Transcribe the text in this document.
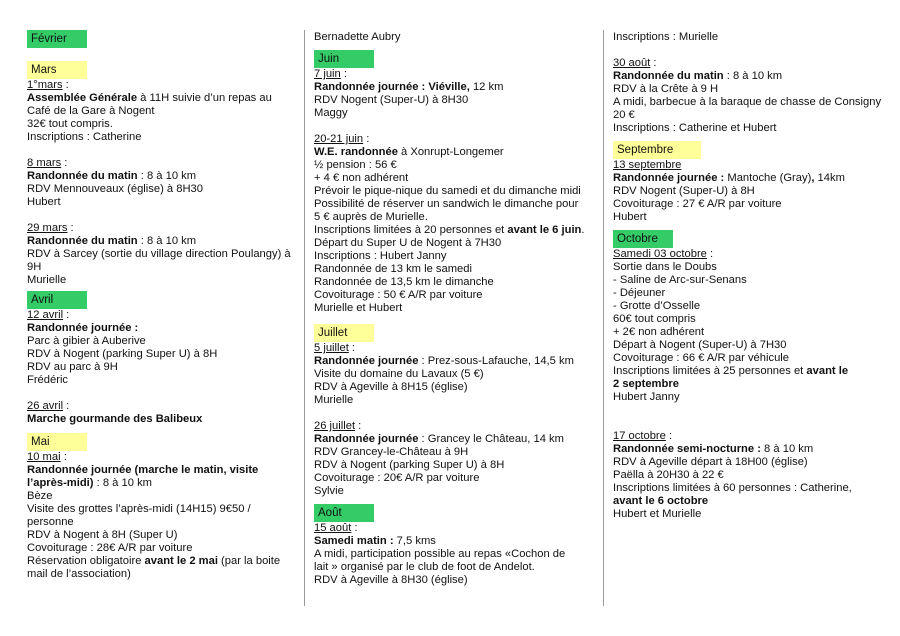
Février
Mars

1°mars :

Assemblée Générale à 11H suivie d’un repas au

Café de la Gare à Nogent

32€ tout compris.

Inscriptions : Catherine

8 mars :

Randonnée du matin : 8 à 10 km

RDV Mennouveaux (église) à 8H30

Hubert

29 mars :

Randonnée du matin : 8 à 10 km

RDV à Sarcey (sortie du village direction Poulangy) à

9H

Murielle

Avril

12 avril :

Randonnée journée :

Parc à gibier à Auberive

RDV à Nogent (parking Super U) à 8H

RDV au parc à 9H

Frédéric

26 avril :

Marche gourmande des Balibeux

Mai

10 mai :

Randonnée journée (marche le matin, visite

l’après-midi) : 8 à 10 km

Bèze

Visite des grottes l’après-midi (14H15) 9€50 /

personne

RDV à Nogent à 8H (Super U)

Covoiturage : 28€ A/R par voiture

Réservation obligatoire avant le 2 mai (par la boite

mail de l’association)

Bernadette Aubry

Juin

7 juin :

Randonnée journée : Viéville, 12 km

RDV Nogent (Super-U) à 8H30

Maggy

20-21 juin :

W.E. randonnée à Xonrupt-Longemer

½ pension : 56 €

+ 4 € non adhérent

Prévoir le pique-nique du samedi et du dimanche midi

Possibilité de réserver un sandwich le dimanche pour

5 € auprès de Murielle.

Inscriptions limitées à 20 personnes et avant le 6 juin.

Départ du Super U de Nogent à 7H30

Inscriptions : Hubert Janny

Randonnée de 13 km le samedi

Randonnée de 13,5 km le dimanche

Covoiturage : 50 € A/R par voiture

Murielle et Hubert

Juillet

5 juillet :

Randonnée journée : Prez-sous-Lafauche, 14,5 km

Visite du domaine du Lavaux (5 €)

RDV à Ageville à 8H15 (église)

Murielle

26 juillet :

Randonnée journée : Grancey le Château, 14 km

RDV Grancey-le-Château à 9H

RDV à Nogent (parking Super U) à 8H

Covoiturage : 20€ A/R par voiture

Sylvie

Août

15 août :

Samedi matin : 7,5 kms

A midi, participation possible au repas «Cochon de

lait » organisé par le club de foot de Andelot.

RDV à Ageville à 8H30 (église)

Inscriptions : Murielle

30 août :

Randonnée du matin : 8 à 10 km

RDV à la Crête à 9 H

A midi, barbecue à la baraque de chasse de Consigny

20 €

Inscriptions : Catherine et Hubert

Septembre

13 septembre

Randonnée journée : Mantoche (Gray), 14km

RDV Nogent (Super-U) à 8H

Covoiturage : 27 € A/R par voiture

Hubert

Octobre

Samedi 03 octobre :

Sortie dans le Doubs

- Saline de Arc-sur-Senans

- Déjeuner

- Grotte d’Osselle

60€ tout compris

+ 2€ non adhérent

Départ à Nogent (Super-U) à 7H30

Covoiturage : 66 € A/R par véhicule

Inscriptions limitées à 25 personnes et avant le

2 septembre

Hubert Janny

17 octobre :

Randonnée semi-nocturne : 8 à 10 km

RDV à Ageville départ à 18H00 (église)

Paëlla à 20H30 à 22 €

Inscriptions limitées à 60 personnes : Catherine,

avant le 6 octobre

Hubert et Murielle
